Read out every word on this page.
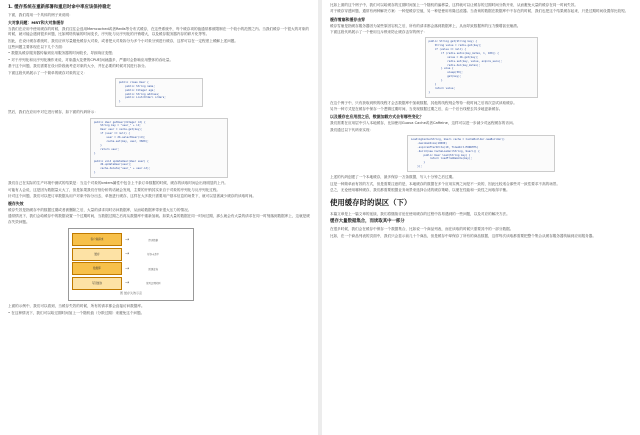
1. 缓存系统在重新部署和重启时命中率应该保持稳定
下面，我们将用一个具体的例子来说明：
大对象问题：MRT和大对象缓存
当我们在应用中使用缓存的时候，我们往往会选用Memcached或者Redis等分布式缓存，在这些系统中，每个缓存项的值通常都被限制在一个较小的范围之内。当我们缓存一个很大的对象的时候，就可能会遇到很多问题，比如网络传输的时间变长，序列化与反序列化的开销增大，以及缓存服务器内存的碎片化等等。
因此，在设计缓存系统时，我们应该尽量避免缓存大对象，或者把大对象拆分为多个小对象分别进行缓存，这样可以在一定程度上缓解上述问题。
这些问题主要体现在以下几个方面：
• 数据从缓存服务器传输到应用服务器的时间较长，导致响应变慢；
• 对于序列化和反序列化操作来说，对象越大花费的CPU时间就越多，严重时会影响应用整体的吞吐量。
基于这个问题，我们需要在设计阶段就考虑对象的大小，并在必要的时候对其进行拆分。
下面这段代码展示了一个简单的缓存对象的定义：
public class User {
public String name;
public Integer age;
public String address;
public List<Order> orders;
}
然后，我们在应用中对它进行缓存，如下面的代码所示：
public User getUser(Integer id) {
String key = "user_" + id;
User user = cache.get(key);
if (user == null) {
user = db.selectUser(id);
cache.set(key, user, 3600);
}
return user;
}

public void updateUser(User user) {
db.updateUser(user);
cache.delete("user_" + user.id);
}
我们自己在实际的生产环境中测试的结果是：当这个对象的orders属性中包含上千条订单数据的时候，缓存的读取时间会出现明显的上升。
可能有人会说，这是因为数据量太大了，但是如果我们仔细分析的话就会发现，主要的开销其实来自于对象的序列化与反序列化过程。
针对这个问题，我们可以把订单数据从用户对象中拆分出去，单独进行缓存，这样在大多数只需要用户基本信息的场景下，就可以显著减少缓存的读取时间。
缓存失效
缓存失效是指缓存中的数据过期或者被删除之后，大量的请求同时访问数据库，从而给数据库带来很大压力的情况。
通常情况下，我们会给缓存中的数据设置一个过期时间，当数据过期之后再从数据库中重新加载。如果大量的数据在同一时间过期，那么就会有大量的请求在同一时刻落到数据库上，这就是缓存失效问题。
客户端请求	→	请求数据
缓存	→	缓存未命中
数据库	→	回源查询
写回缓存	→	设置过期时间
图 缓存失效示意
上面的示例中，我们可以看到，当缓存失效的时候，所有的请求都会直接访问数据库。
• 在这种情况下，我们可以给过期时间加上一个随机值（分散过期）来避免这个问题。
比如上面的这个例子中，我们可以给缓存的过期时间加上一个随机的偏移量，这样就可以让缓存的过期时间分散开来，从而避免大量的缓存在同一时间失效。
对于缓存穿透问题，通常有两种解决方案：一种是缓存空值，另一种是使用布隆过滤器。当查询的数据在数据库中不存在的时候，我们也把这个结果缓存起来，只是过期时间设置得比较短。
缓存雪崩和缓存击穿
缓存雪崩是指缓存服务器因为某些原因宕机之后，所有的请求都会落到数据库上，从而导致数据库的压力骤增甚至崩溃。
下面这段代码展示了一个使用互斥锁来防止缓存击穿的例子：
public String get(String key) {
String value = redis.get(key);
if (value == null) {
if (redis.setnx(key_mutex, 1, 180)) {
value = db.get(key);
redis.set(key, value, expire_secs);
redis.del(key_mutex);
} else {
sleep(50);
get(key);
}
}
return value;
}
在这个例子中，只有获取到锁的线程才会去数据库中加载数据，其他的线程则会等待一段时间之后再次尝试读取缓存。
另外一种方式是在缓存中保存一个逻辑过期时间，当发现数据过期之后，由一个后台线程去异步地更新缓存。
以及缓存在应用层之后，数据加载方式会有哪些变化？
我们需要在应用层中引入本地缓存，比如使用Guava Cache或者Caffeine，这样可以进一步减少对远程缓存的访问。
我们通过以下代码来实现：
LoadingCache<String, User> cache = CacheBuilder.newBuilder()
.maximumSize(10000)
.expireAfterWrite(10, TimeUnit.MINUTES)
.build(new CacheLoader<String, User>() {
public User load(String key) {
return loadFromRemote(key);
}
});
上述的代码创建了一个本地缓存，最多保存一万条数据，写入十分钟之后过期。
这是一种简单而有效的方式，但是需要注意的是，本地缓存的数据在多个应用实例之间是不一致的，因此比较适合那些对一致性要求不高的场景。
总之，无论使用哪种缓存，我们都需要根据业务场景来选择合适的缓存策略，以便在性能和一致性之间取得平衡。
使用缓存时的误区（下）
本篇文章是上一篇文章的延续，我们将继续讨论在使用缓存的过程中容易遇到的一些问题，以及对应的解决方法。
缓存大量数据集合，而读取其中一部分
在很多时候，我们会在缓存中保存一个数据集合，比如说一个商品列表，而在读取的时候只需要其中的一部分数据。
比如，在一个商品列表的页面中，我们只会显示前几十个商品，但是缓存中却保存了所有的商品数据，这样每次读取都需要把整个集合从缓存服务器传输到应用服务器。
